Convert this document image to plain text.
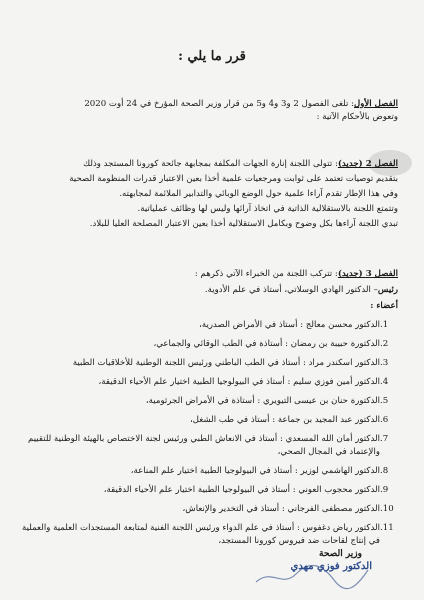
قرر ما يلي :

الفصل الأول: تلغى الفصول 2 و3 و4 و5 من قرار وزير الصحة المؤرخ في 24 أوت 2020

وتعوض بالأحكام الآتية :

الفصل 2 (جديد): تتولى اللجنة إنارة الجهات المكلفة بمجابهة جائحة كورونا المستجد وذلك

بتقديم توصيات تعتمد على ثوابت ومرجعيات علمية أخذا بعين الاعتبار قدرات المنظومة الصحية

وفي هذا الإطار تقدم آراءا علمية حول الوضع الوبائي والتدابير الملائمة لمجابهته.

وتتمتع اللجنة بالاستقلالية الذاتية في اتخاذ آرائها وليس لها وظائف عملياتية.

تبدي اللجنة آراءها بكل وضوح وبكامل الاستقلالية أخذا بعين الاعتبار المصلحة العليا للبلاد.

الفصل 3 (جديد): تتركب اللجنة من الخبراء الآتي ذكرهم :

رئيس– الدكتور الهادي الوسلاتي، أستاذ في علم الأدوية.

أعضاء :

1.
الدكتور محسن معالج : أستاذ في الأمراض الصدرية،
2.
الدكتورة حبيبة بن رمضان : أستاذة في الطب الوقائي والجماعي،
3.
الدكتور اسكندر مراد : أستاذ في الطب الباطني ورئيس اللجنة الوطنية للأخلاقيات الطبية
4.
الدكتور أمين فوزي سليم : أستاذ في البيولوجيا الطبية اختيار علم الأحياء الدقيقة،
5.
الدكتورة حنان بن عيسى التيويري : أستاذة في الأمراض الجرثومية،
6.
الدكتور عبد المجيد بن جماعة : أستاذ في طب الشغل،
7.
الدكتور أمان الله المسعدي : أستاذ في الانعاش الطبي ورئيس لجنة الاختصاص بالهيئة الوطنية للتقييم والإعتماد في المجال الصحي،
8.
الدكتور الهاشمي لوزير : أستاذ في البيولوجيا الطبية اختيار علم المناعة،
9.
الدكتور محجوب العوني : أستاذ في البيولوجيا الطبية اختيار علم الأحياء الدقيقة،
10.
الدكتور مصطفى الفرجاني : أستاذ في التخدير والإنعاش،
11.
الدكتور رياض دغفوس : أستاذ في علم الدواء ورئيس اللجنة الفنية لمتابعة المستجدات العلمية والعملية في إنتاج لقاحات ضد فيروس كورونا المستجد،
وزير الصحة
الدكتور فوزي مهدي
